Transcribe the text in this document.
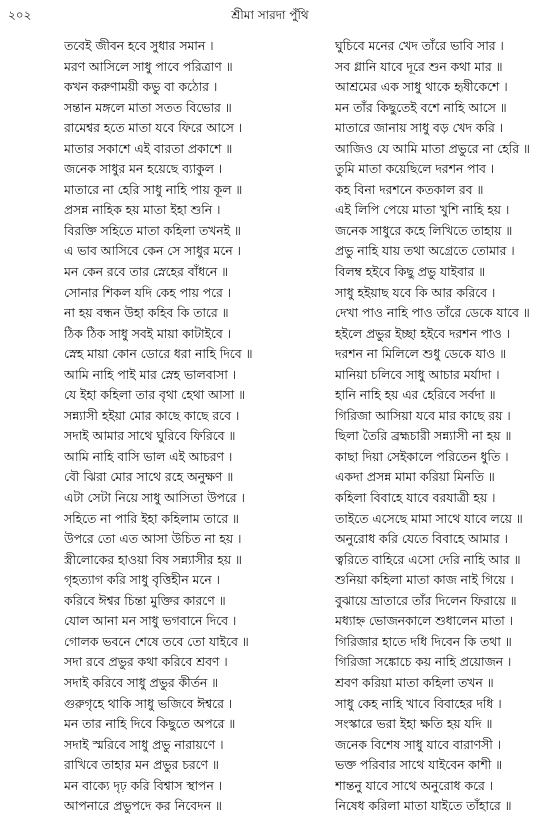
২০২	শ্রীমা সারদা পুঁথি
তবেই জীবন হবে সুধার সমান ।
মরণ আসিলে সাধু পাবে পরিত্রাণ ॥
কখন করুণাময়ী কভু বা কঠোর ।
সন্তান মঙ্গলে মাতা সতত বিভোর ॥
রামেশ্বর হতে মাতা যবে ফিরে আসে ।
মাতার সকাশে এই বারতা প্রকাশে ॥
জনেক সাধুর মন হয়েছে ব্যাকুল ।
মাতারে না হেরি সাধু নাহি পায় কূল ॥
প্রসন্ন নাহিক হয় মাতা ইহা শুনি ।
বিরক্তি সহিতে মাতা কহিলা তখনই ॥
এ ভাব আসিবে কেন সে সাধুর মনে ।
মন কেন রবে তার স্নেহের বাঁধনে ॥
সোনার শিকল যদি কেহ পায় পরে ।
না হয় বন্ধন উহা কহিব কি তারে ॥
ঠিক ঠিক সাধু সবই মায়া কাটাইবে ।
স্নেহ মায়া কোন ডোরে ধরা নাহি দিবে ॥
আমি নাহি পাই মার স্নেহ ভালবাসা ।
যে ইহা কহিলা তার বৃথা হেথা আসা ॥
সন্ন্যাসী হইয়া মোর কাছে কাছে রবে ।
সদাই আমার সাথে ঘুরিবে ফিরিবে ॥
আমি নাহি বাসি ভাল এই আচরণ ।
বৌ ঝিরা মোর সাথে রহে অনুক্ষণ ॥
এটা সেটা নিয়ে সাধু আসিতা উপরে ।
সহিতে না পারি ইহা কহিলাম তারে ॥
উপরে তো এত আসা উচিত না হয় ।
স্ত্রীলোকের হাওয়া বিষ সন্ন্যাসীর হয় ॥
গৃহত্যাগ করি সাধু বৃত্তিহীন মনে ।
করিবে ঈশ্বর চিন্তা মুক্তির কারণে ॥
যোল আনা মন সাধু ভগবানে দিবে ।
গোলক ভবনে শেষে তবে তো যাইবে ॥
সদা রবে প্রভুর কথা করিবে শ্রবণ ।
সদাই করিবে সাধু প্রভুর কীর্তন ॥
গুরুগৃহে থাকি সাধু ভজিবে ঈশ্বরে ।
মন তার নাহি দিবে কিছুতে অপরে ॥
সদাই স্মরিবে সাধু প্রভু নারায়ণে ।
রাখিবে তাহার মন প্রভুর চরণে ॥
মন বাক্যে দৃঢ় করি বিশ্বাস স্থাপন ।
আপনারে প্রভুপদে কর নিবেদন ॥
ঘুচিবে মনের খেদ তাঁরে ভাবি সার ।
সব গ্লানি যাবে দূরে শুন কথা মার ॥
আশ্রমের এক সাধু থাকে হৃষীকেশে ।
মন তাঁর কিছুতেই বশে নাহি আসে ॥
মাতারে জানায় সাধু বড় খেদ করি ।
আজিও যে আমি মাতা প্রভুরে না হেরি ॥
তুমি মাতা কয়েছিলে দরশন পাব ।
কহ বিনা দরশনে কতকাল রব ॥
এই লিপি পেয়ে মাতা খুশি নাহি হয় ।
জনেক সাধুরে কহে লিখিতে তাহায় ॥
প্রভু নাহি যায় তথা অগ্রেতে তোমার ।
বিলম্ব হইবে কিছু প্রভু যাইবার ॥
সাধু হইয়াছ যবে কি আর করিবে ।
দেখা পাও নাহি পাও তাঁরে ডেকে যাবে ॥
হইলে প্রভুর ইচ্ছা হইবে দরশন পাও ।
দরশন না মিলিলে শুধু ডেকে যাও ॥
মানিয়া চলিবে সাধু আচার মর্যাদা ।
হানি নাহি হয় এর হেরিবে সর্বদা ॥
গিরিজা আসিয়া যবে মার কাছে রয় ।
ছিলা তৈরি ব্রহ্মচারী সন্ন্যাসী না হয় ॥
কাছা দিয়া সেইকালে পরিতেন ধুতি ।
একদা প্রসন্ন মামা করিয়া মিনতি ॥
কহিলা বিবাহে যাবে বরযাত্রী হয় ।
তাইতে এসেছে মামা সাথে যাবে লয়ে ॥
অনুরোধ করি যেতে বিবাহে আমার ।
ত্বরিতে বাহিরে এসো দেরি নাহি আর ॥
শুনিয়া কহিলা মাতা কাজ নাই গিয়ে ।
বুঝায়ে ভ্রাতারে তাঁর দিলেন ফিরায়ে ॥
মধ্যাহ্ন ভোজনকালে শুধালেন মাতা ।
গিরিজার হাতে দধি দিবেন কি তথা ॥
গিরিজা সঙ্কোচে কয় নাহি প্রয়োজন ।
শ্রবণ করিয়া মাতা কহিলা তখন ॥
সাধু কেহ নাহি খাবে বিবাহের দধি ।
সংস্কারে ভরা ইহা ক্ষতি হয় যদি ॥
জনেক বিশেষ সাধু যাবে বারাণসী ।
ভক্ত পরিবার সাথে যাইবেন কাশী ॥
শান্তনু যাবে সাথে অনুরোধ করে ।
নিষেধ করিলা মাতা যাইতে তাঁহারে ॥
